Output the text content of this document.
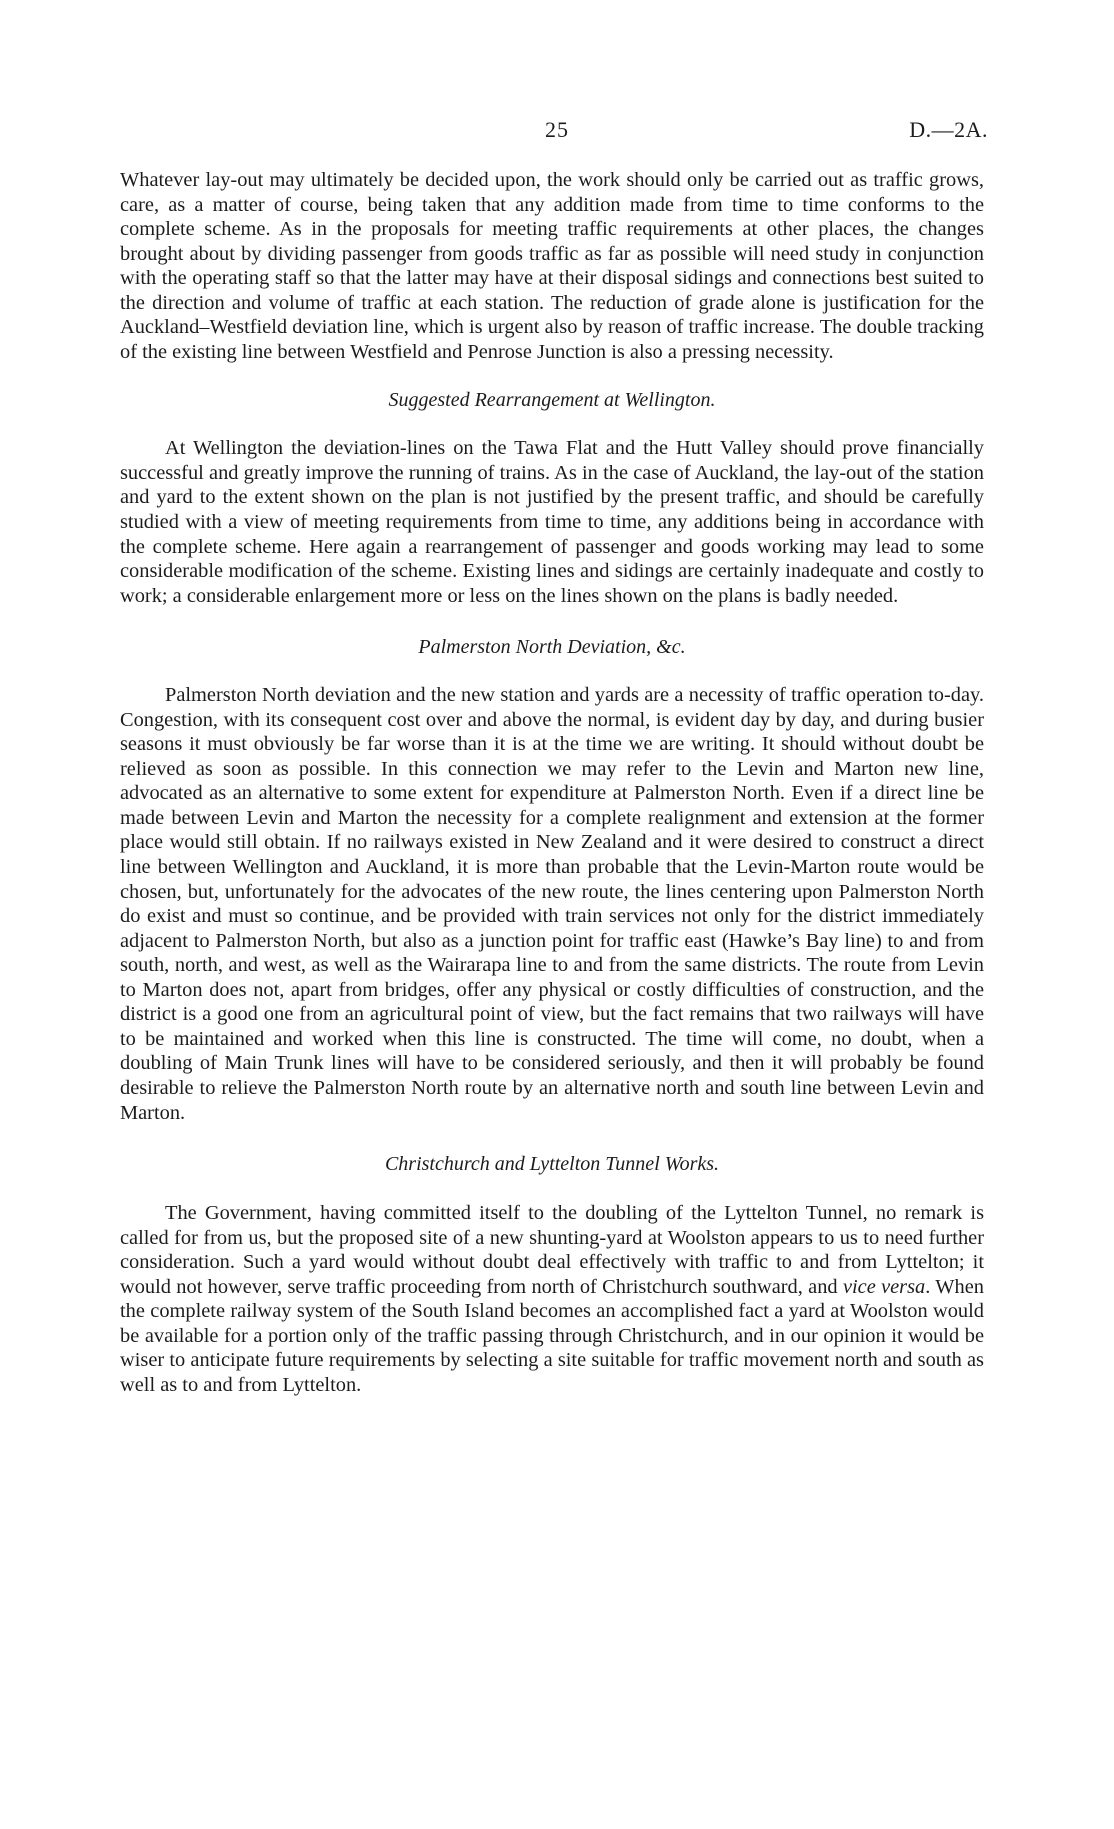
25	D.—2A.

Whatever lay-out may ultimately be decided upon, the work should only be carried out as traffic grows, care, as a matter of course, being taken that any addition made from time to time conforms to the complete scheme. As in the proposals for meeting traffic requirements at other places, the changes brought about by dividing passenger from goods traffic as far as possible will need study in conjunction with the operating staff so that the latter may have at their disposal sidings and connections best suited to the direction and volume of traffic at each station. The reduction of grade alone is justification for the Auckland–Westfield deviation line, which is urgent also by reason of traffic increase. The double tracking of the existing line between Westfield and Penrose Junction is also a pressing necessity.

Suggested Rearrangement at Wellington.

At Wellington the deviation-lines on the Tawa Flat and the Hutt Valley should prove financially successful and greatly improve the running of trains. As in the case of Auckland, the lay-out of the station and yard to the extent shown on the plan is not justified by the present traffic, and should be carefully studied with a view of meeting requirements from time to time, any additions being in accordance with the complete scheme. Here again a rearrangement of passenger and goods working may lead to some considerable modification of the scheme. Existing lines and sidings are certainly inadequate and costly to work; a considerable enlargement more or less on the lines shown on the plans is badly needed.

Palmerston North Deviation, &c.

Palmerston North deviation and the new station and yards are a necessity of traffic operation to-day. Congestion, with its consequent cost over and above the normal, is evident day by day, and during busier seasons it must obviously be far worse than it is at the time we are writing. It should without doubt be relieved as soon as possible. In this connection we may refer to the Levin and Marton new line, advocated as an alternative to some extent for expenditure at Palmerston North. Even if a direct line be made between Levin and Marton the necessity for a complete realignment and extension at the former place would still obtain. If no railways existed in New Zealand and it were desired to construct a direct line between Wellington and Auckland, it is more than probable that the Levin-Marton route would be chosen, but, unfortunately for the advocates of the new route, the lines centering upon Palmerston North do exist and must so continue, and be provided with train services not only for the district immediately adjacent to Palmerston North, but also as a junction point for traffic east (Hawke’s Bay line) to and from south, north, and west, as well as the Wairarapa line to and from the same districts. The route from Levin to Marton does not, apart from bridges, offer any physical or costly difficulties of construction, and the district is a good one from an agricultural point of view, but the fact remains that two railways will have to be maintained and worked when this line is constructed. The time will come, no doubt, when a doubling of Main Trunk lines will have to be considered seriously, and then it will probably be found desirable to relieve the Palmerston North route by an alternative north and south line between Levin and Marton.

Christchurch and Lyttelton Tunnel Works.

The Government, having committed itself to the doubling of the Lyttelton Tunnel, no remark is called for from us, but the proposed site of a new shunting-yard at Woolston appears to us to need further consideration. Such a yard would without doubt deal effectively with traffic to and from Lyttelton; it would not however, serve traffic proceeding from north of Christchurch southward, and vice versa. When the complete railway system of the South Island becomes an accomplished fact a yard at Woolston would be available for a portion only of the traffic passing through Christchurch, and in our opinion it would be wiser to anticipate future requirements by selecting a site suitable for traffic movement north and south as well as to and from Lyttelton.
